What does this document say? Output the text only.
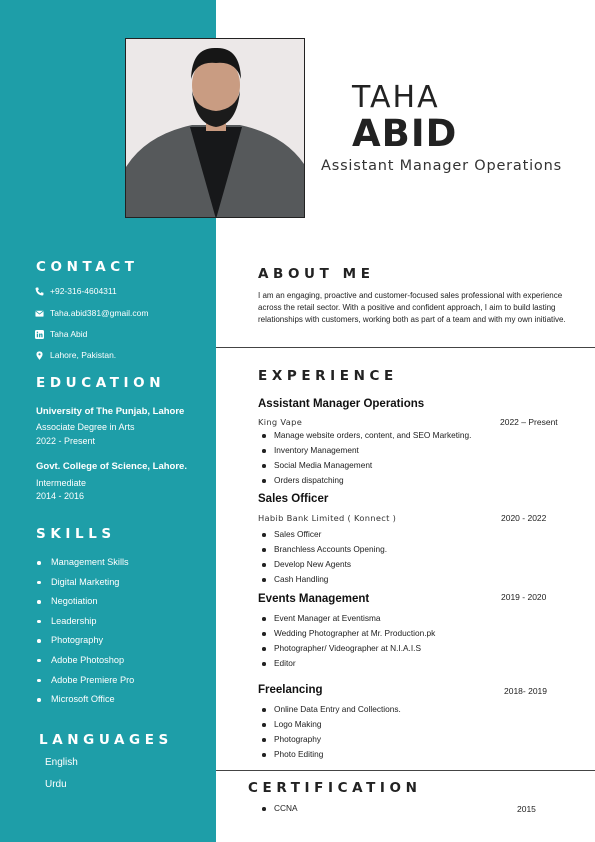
TAHA
ABID
Assistant Manager Operations
CONTACT
+92-316-4604311
Taha.abid381@gmail.com
Taha Abid
Lahore, Pakistan.
EDUCATION
University of The Punjab, Lahore
Associate Degree in Arts
2022 - Present
Govt. College of Science, Lahore.
Intermediate
2014 - 2016
SKILLS
Management Skills
Digital Marketing
Negotiation
Leadership
Photography
Adobe Photoshop
Adobe Premiere Pro
Microsoft Office
LANGUAGES
English
Urdu
ABOUT ME
I am an engaging, proactive and customer-focused sales professional with experience across the retail sector. With a positive and confident approach, I aim to build lasting relationships with customers, working both as part of a team and with my own initiative.
EXPERIENCE
Assistant Manager Operations
King Vape	2022 – Present
Manage website orders, content, and SEO Marketing.
Inventory Management
Social Media Management
Orders dispatching
Sales Officer
Habib Bank Limited ( Konnect )	2020 - 2022
Sales Officer
Branchless Accounts Opening.
Develop New Agents
Cash Handling
Events Management	2019 - 2020
Event Manager at Eventisma
Wedding Photographer at Mr. Production.pk
Photographer/ Videographer at N.I.A.I.S
Editor
Freelancing	2018- 2019
Online Data Entry and Collections.
Logo Making
Photography
Photo Editing
CERTIFICATION
CCNA	2015
